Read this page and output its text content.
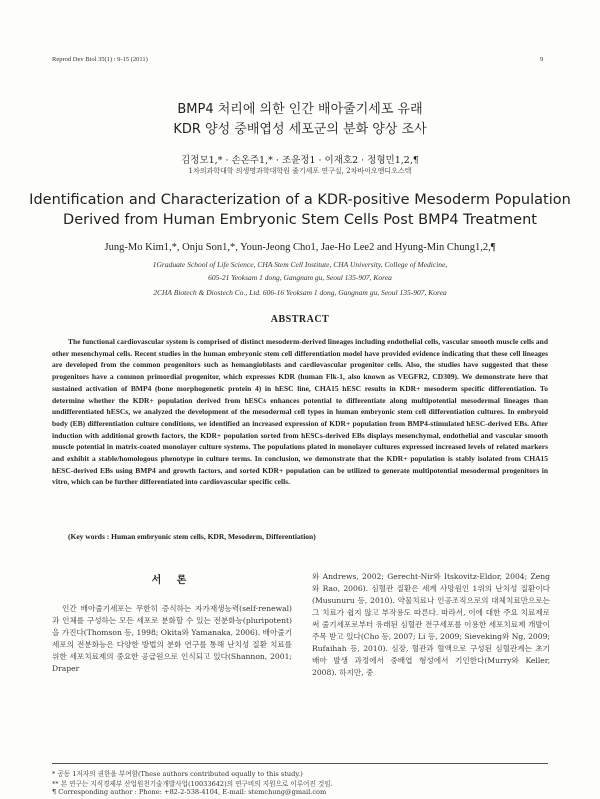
Reprod Dev Biol 35(1) : 9-15 (2011)	9
BMP4 처리에 의한 인간 배아줄기세포 유래
KDR 양성 중배엽성 세포군의 분화 양상 조사
김정모1,* · 손온주1,* · 조윤정1 · 이재호2 · 정형민1,2,¶
1차의과학대학 의생명과학대학원 줄기세포 연구실, 2차바이오앤디오스텍
Identification and Characterization of a KDR-positive Mesoderm Population
Derived from Human Embryonic Stem Cells Post BMP4 Treatment
Jung-Mo Kim1,*, Onju Son1,*, Youn-Jeong Cho1, Jae-Ho Lee2 and Hyung-Min Chung1,2,¶
1Graduate School of Life Science, CHA Stem Cell Institute, CHA University, College of Medicine,
605-21 Yeoksam 1 dong, Gangnam gu, Seoul 135-907, Korea
2CHA Biotech & Diostech Co., Ltd. 606-16 Yeoksam 1 dong, Gangnam gu, Seoul 135-907, Korea
ABSTRACT
The functional cardiovascular system is comprised of distinct mesoderm-derived lineages including endothelial cells, vascular smooth muscle cells and other mesenchymal cells. Recent studies in the human embryonic stem cell differentiation model have provided evidence indicating that these cell lineages are developed from the common progenitors such as hemangioblasts and cardiovascular progenitor cells. Also, the studies have suggested that these progenitors have a common primordial progenitor, which expresses KDR (human Flk-1, also known as VEGFR2, CD309). We demonstrate here that sustained activation of BMP4 (bone morphogenetic protein 4) in hESC line, CHA15 hESC results in KDR+ mesoderm specific differentiation. To determine whether the KDR+ population derived from hESCs enhances potential to differentiate along multipotential mesodermal lineages than undifferentiated hESCs, we analyzed the development of the mesodermal cell types in human embryonic stem cell differentiation cultures. In embryoid body (EB) differentiation culture conditions, we identified an increased expression of KDR+ population from BMP4-stimulated hESC-derived EBs. After induction with additional growth factors, the KDR+ population sorted from hESCs-derived EBs displays mesenchymal, endothelial and vascular smooth muscle potential in matrix-coated monolayer culture systems. The populations plated in monolayer cultures expressed increased levels of related markers and exhibit a stable/homologous phenotype in culture terms. In conclusion, we demonstrate that the KDR+ population is stably isolated from CHA15 hESC-derived EBs using BMP4 and growth factors, and sorted KDR+ population can be utilized to generate multipotential mesodermal progenitors in vitro, which can be further differentiated into cardiovascular specific cells.
(Key words : Human embryonic stem cells, KDR, Mesoderm, Differentiation)
서 론
인간 배아줄기세포는 무한히 증식하는 자가재생능력(self-renewal)과 인체를 구성하는 모든 세포로 분화할 수 있는 전분화능(pluripotent)을 가진다(Thomson 등, 1998; Okita와 Yamanaka, 2006). 배아줄기세포의 전분화능은 다양한 방법의 분화 연구를 통해 난치성 질환 치료를 위한 세포치료제의 중요한 공급원으로 인식되고 있다(Shannon, 2001; Draper
와 Andrews, 2002; Gerecht-Nir와 Itskovitz-Eldor, 2004; Zeng와 Rao, 2006). 심혈관 질환은 세계 사망원인 1위의 난치성 질환이다(Musunuru 등, 2010). 약물치료나 인공조직으로의 대체치료만으로는 그 치료가 쉽지 않고 부작용도 따른다. 따라서, 이에 대한 주요 치료제로써 줄기세포로부터 유래된 심혈관 전구세포를 이용한 세포치료제 개발이 주목 받고 있다(Cho 등, 2007; Li 등, 2009; Sieveking와 Ng, 2009; Rufaihah 등, 2010). 심장, 혈관과 혈액으로 구성된 심혈관계는 초기 배아 발생 과정에서 중배엽 형성에서 기인한다(Murry와 Keller, 2008). 하지만, 중
* 공동 1저자의 권한을 부여함(These authors contributed equally to this study.)
** 본 연구는 지식경제부 산업원천기술개발사업(10033642)의 연구비의 지원으로 이루어진 것임.
¶ Corresponding author : Phone: +82-2-538-4104, E-mail: stemchung@gmail.com
